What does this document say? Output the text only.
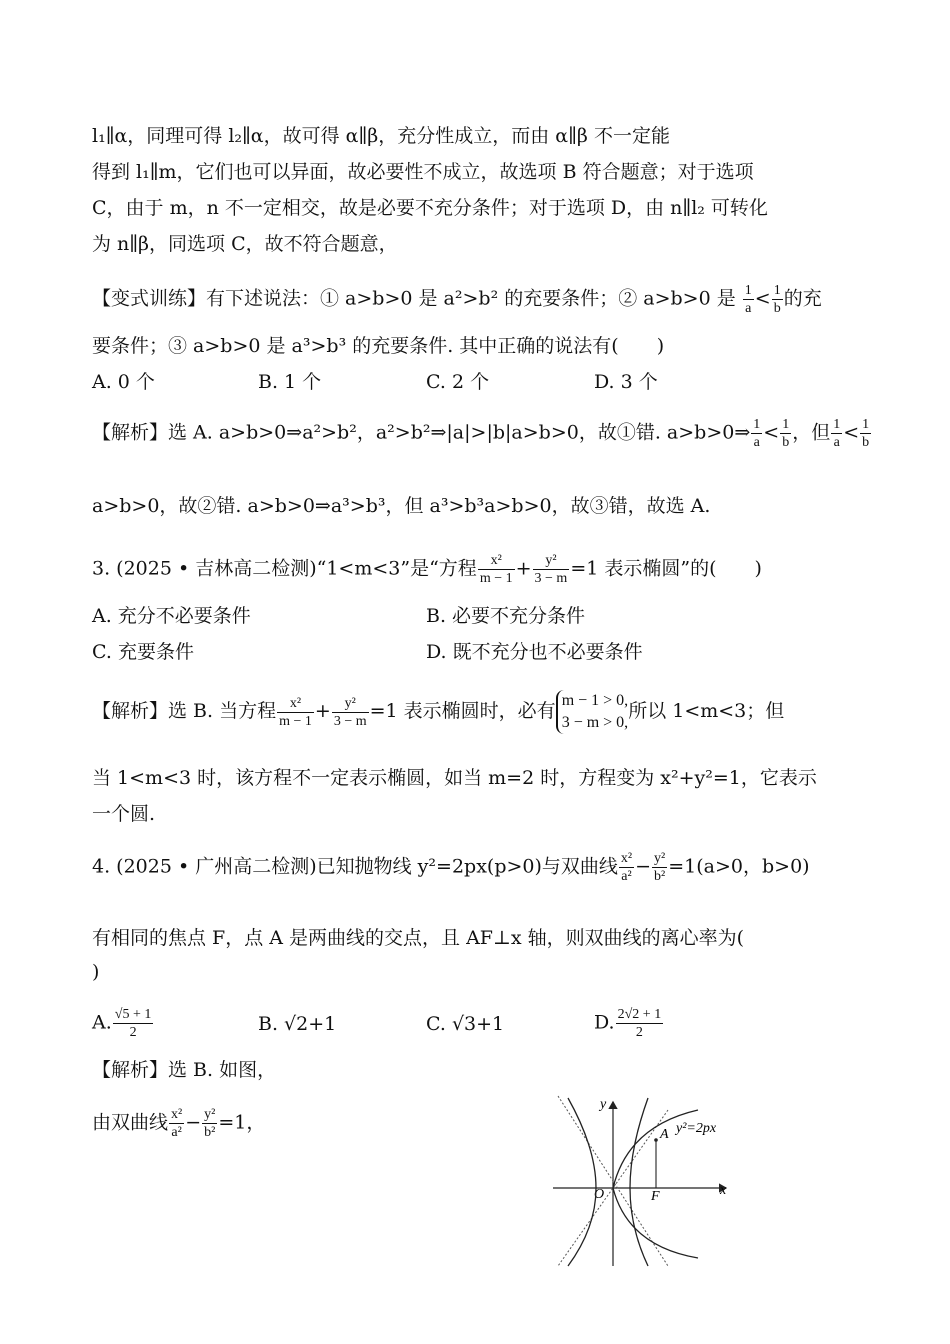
l₁∥α，同理可得 l₂∥α，故可得 α∥β，充分性成立，而由 α∥β 不一定能
得到 l₁∥m，它们也可以异面，故必要性不成立，故选项 B 符合题意；对于选项
C，由于 m，n 不一定相交，故是必要不充分条件；对于选项 D，由 n∥l₂ 可转化
为 n∥β，同选项 C，故不符合题意，
【变式训练】有下述说法：① a>b>0 是 a²>b² 的充要条件；② a>b>0 是 $\frac{1}{a} < \frac{1}{b}$ 的充
要条件；③ a>b>0 是 a³>b³ 的充要条件. 其中正确的说法有(　　)
A. 0 个	B. 1 个	C. 2 个	D. 3 个
【解析】选 A. a>b>0⇒a²>b²，a²>b²⇒|a|>|b|a>b>0，故①错. a>b>0⇒ $\frac{1}{a} < \frac{1}{b}$ ，但 $\frac{1}{a} < \frac{1}{b}$
a>b>0，故②错. a>b>0⇒a³>b³，但 a³>b³a>b>0，故③错，故选 A.
3. (2025 • 吉林高二检测)“1<m<3”是“方程 $\frac{\text{x²}}{m - 1} + \frac{\text{y²}}{3 - m} =1$ 表示椭圆”的(　　)
A. 充分不必要条件	B. 必要不充分条件
C. 充要条件	D. 既不充分也不必要条件
【解析】选 B. 当方程 $\frac{\text{x²}}{m - 1} + \frac{\text{y²}}{3 - m} =1$ 表示椭圆时，必有 m − 1 > 0,
3 − m > 0,
所以 1<m<3；但
当 1<m<3 时，该方程不一定表示椭圆，如当 m=2 时，方程变为 x²+y²=1，它表示
一个圆.
4. (2025 • 广州高二检测)已知抛物线 y²=2px(p>0)与双曲线 $\frac{\text{x²}}{\text{a²}} - \frac{\text{y²}}{\text{b²}} =1(a>0$，b>0)
有相同的焦点 F，点 A 是两曲线的交点，且 AF⊥x 轴，则双曲线的离心率为(
)
A. $\frac{√5 + 1}{2}$	B. √2+1	C. √3+1	D. $\frac{2√2 + 1}{2}$
【解析】选 B. 如图，
由双曲线 $\frac{\text{x²}}{\text{a²}} - \frac{\text{y²}}{\text{b²}} =1$，
y
x
O	F
A y²=2px
